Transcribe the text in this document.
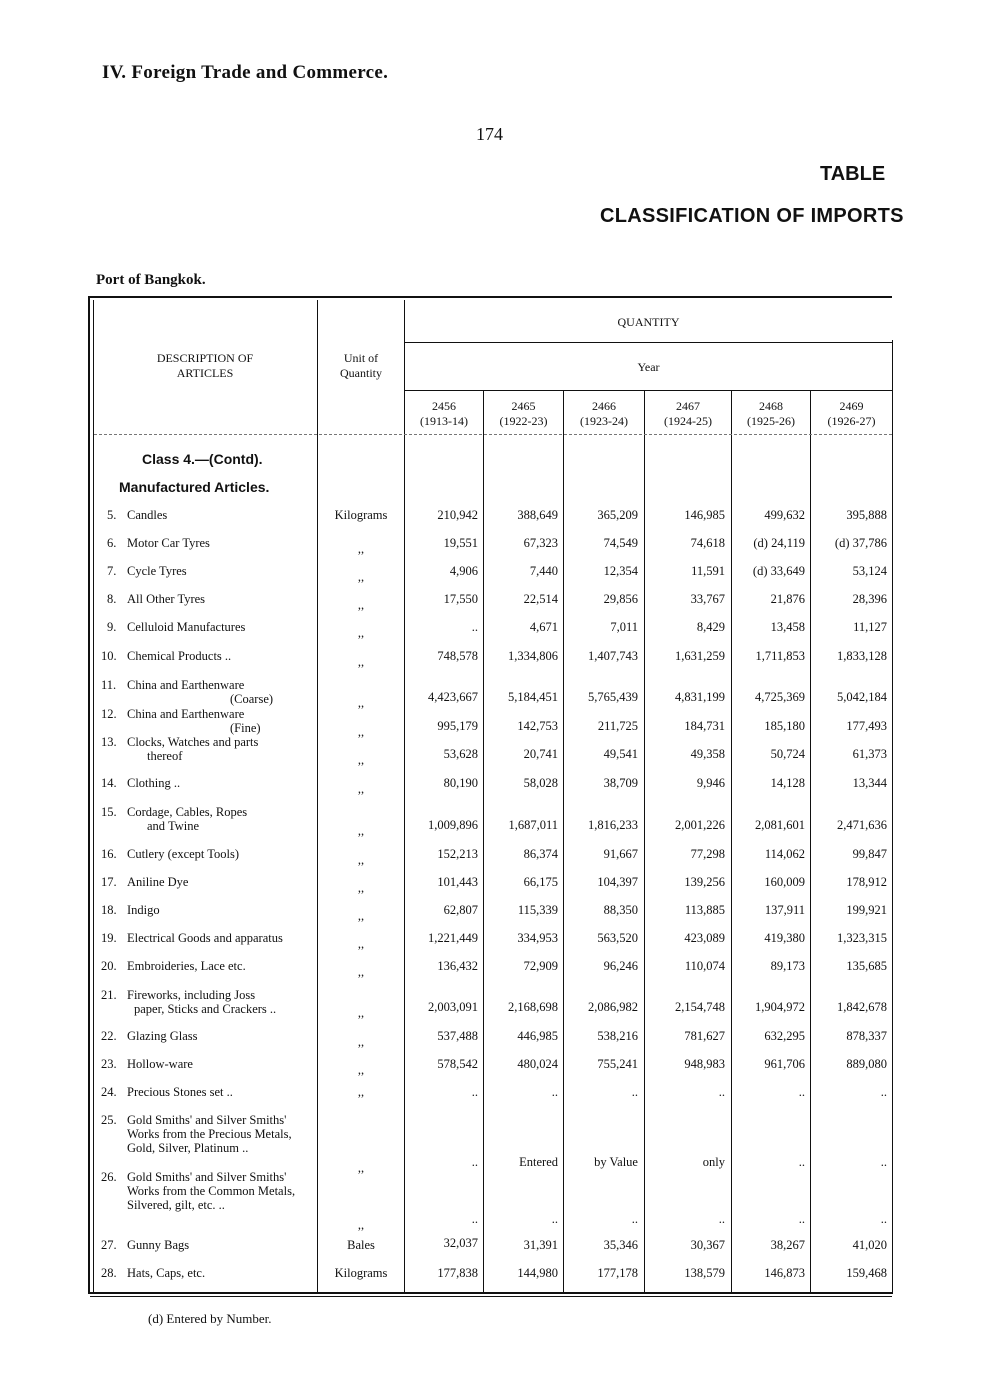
IV. Foreign Trade and Commerce.
174
TABLE
CLASSIFICATION OF IMPORTS
Port of Bangkok.
DESCRIPTION OF ARTICLES
Unit of Quantity
QUANTITY
Year
2456
(1913-14)
2465
(1922-23)
2466
(1923-24)
2467
(1924-25)
2468
(1925-26)
2469
(1926-27)
Class 4.—(Contd).
Manufactured Articles.
5. Candles	Kilograms	210,942	388,649	365,209	146,985	499,632	395,888
6. Motor Car Tyres	,,	19,551	67,323	74,549	74,618	(d) 24,119	(d) 37,786
7. Cycle Tyres	,,	4,906	7,440	12,354	11,591	(d) 33,649	53,124
8. All Other Tyres	,,	17,550	22,514	29,856	33,767	21,876	28,396
9. Celluloid Manufactures	,,	..	4,671	7,011	8,429	13,458	11,127
10. Chemical Products ..	,,	748,578	1,334,806	1,407,743	1,631,259	1,711,853	1,833,128
11. China and Earthenware
(Coarse)	,,	4,423,667	5,184,451	5,765,439	4,831,199	4,725,369	5,042,184
12. China and Earthenware
(Fine)	,,	995,179	142,753	211,725	184,731	185,180	177,493
13. Clocks, Watches and parts
thereof	,,	53,628	20,741	49,541	49,358	50,724	61,373
14. Clothing ..	,,	80,190	58,028	38,709	9,946	14,128	13,344
15. Cordage, Cables, Ropes
and Twine	,,	1,009,896	1,687,011	1,816,233	2,001,226	2,081,601	2,471,636
16. Cutlery (except Tools)	,,	152,213	86,374	91,667	77,298	114,062	99,847
17. Aniline Dye	,,	101,443	66,175	104,397	139,256	160,009	178,912
18. Indigo	,,	62,807	115,339	88,350	113,885	137,911	199,921
19. Electrical Goods and apparatus	,,	1,221,449	334,953	563,520	423,089	419,380	1,323,315
20. Embroideries, Lace etc.	,,	136,432	72,909	96,246	110,074	89,173	135,685
21. Fireworks, including Joss
paper, Sticks and Crackers ..	,,	2,003,091	2,168,698	2,086,982	2,154,748	1,904,972	1,842,678
22. Glazing Glass	,,	537,488	446,985	538,216	781,627	632,295	878,337
23. Hollow-ware	,,	578,542	480,024	755,241	948,983	961,706	889,080
24. Precious Stones set ..	,,	..	..	..	..	..	..
25. Gold Smiths' and Silver Smiths' Works from the Precious Metals, Gold, Silver, Platinum ..
,,	..	Entered	by Value	only	..	..
26. Gold Smiths' and Silver Smiths' Works from the Common Metals, Silvered, gilt, etc. ..
,,	..	..	..	..	..	..
27. Gunny Bags	Bales	32,037	31,391	35,346	30,367	38,267	41,020
28. Hats, Caps, etc.	Kilograms	177,838	144,980	177,178	138,579	146,873	159,468
(d) Entered by Number.
